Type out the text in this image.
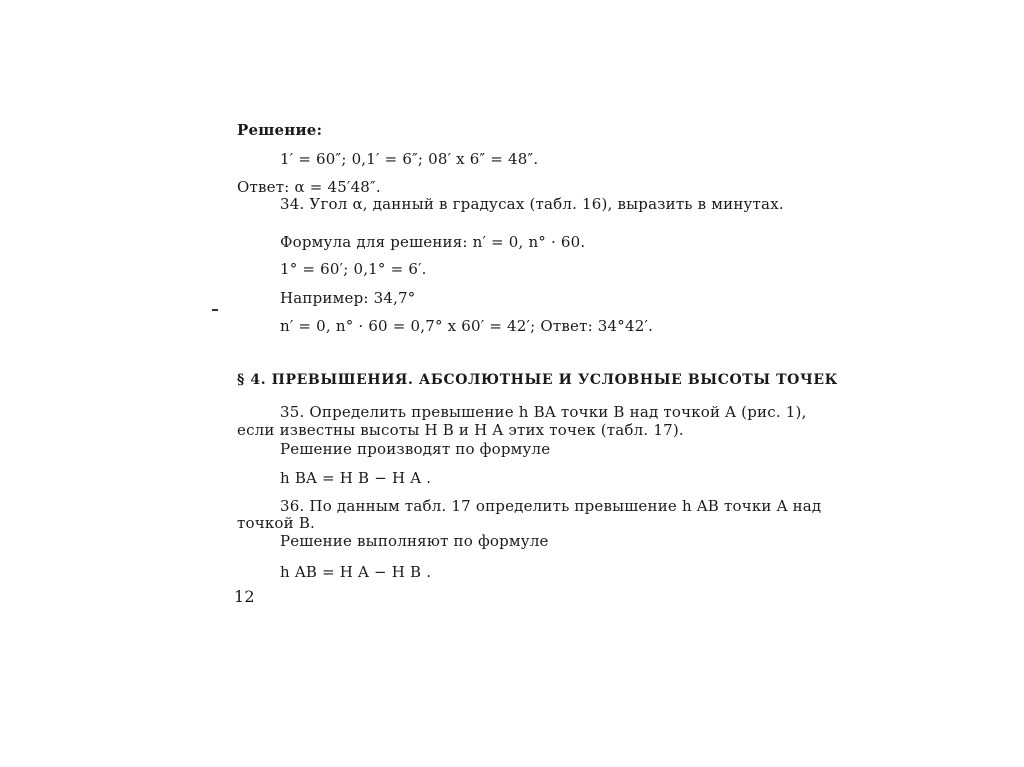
Решение:
1′ = 60″; 0,1′ = 6″; 08′ x 6″ = 48″.
Ответ: α = 45′48″.
34. Угол α, данный в градусах (табл. 16), выразить в минутах.
Формула для решения: n′ = 0, n° · 60.
1° = 60′; 0,1° = 6′.
Например: 34,7°
n′ = 0, n° · 60 = 0,7° x 60′ = 42′; Ответ: 34°42′.
§ 4. ПРЕВЫШЕНИЯ. АБСОЛЮТНЫЕ И УСЛОВНЫЕ ВЫСОТЫ ТОЧЕК
35. Определить превышение h BA точки B над точкой A (рис. 1),
если известны высоты H B и H A этих точек (табл. 17).
Решение производят по формуле
h BA = H B − H A .
36. По данным табл. 17 определить превышение h AB точки A над
точкой B.
Решение выполняют по формуле
h AB = H A − H B .
12
